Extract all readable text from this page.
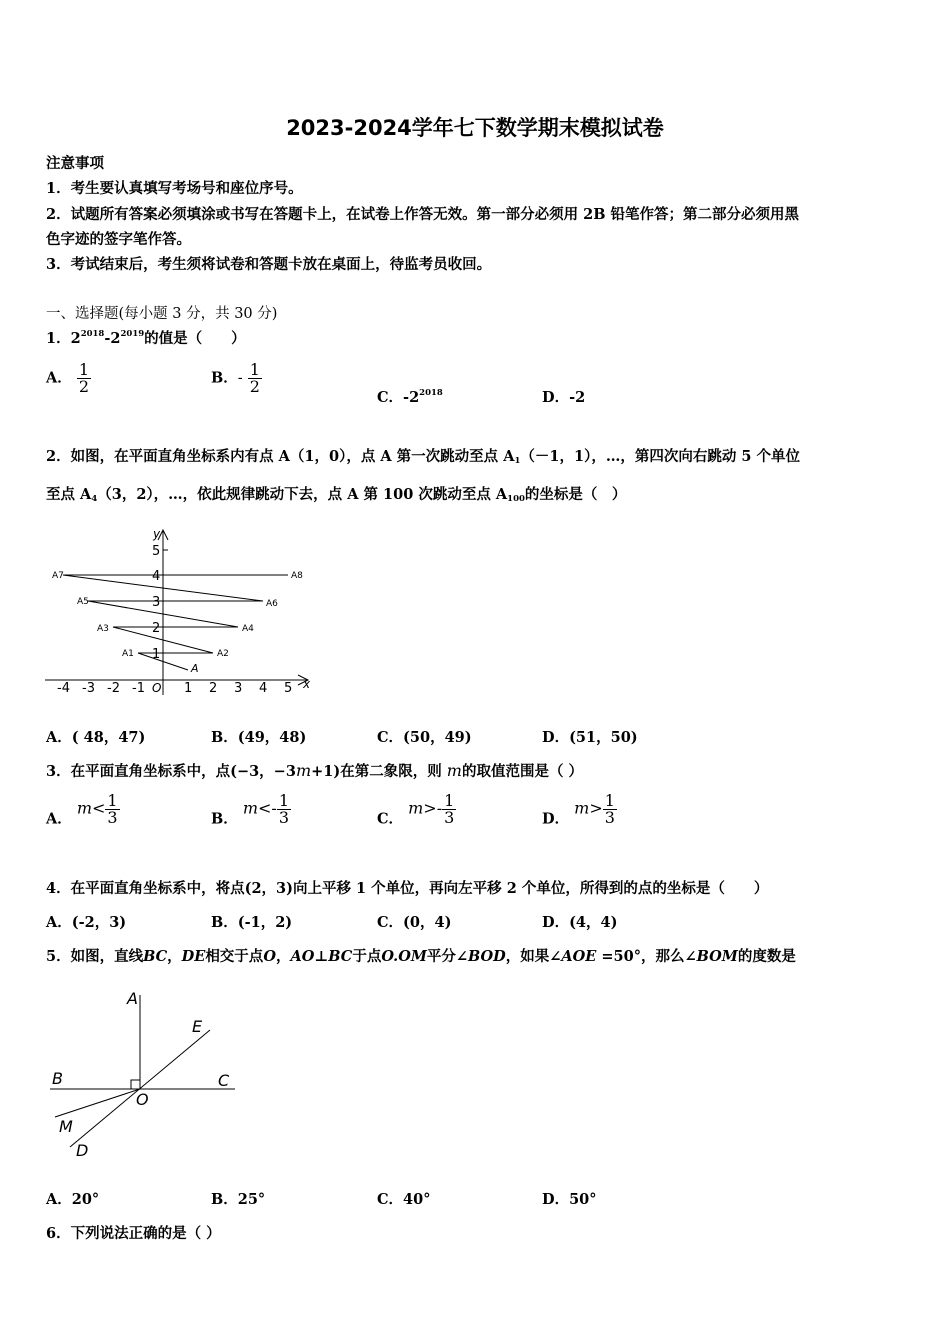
2023-2024学年七下数学期末模拟试卷
注意事项
1．考生要认真填写考场号和座位序号。
2．试题所有答案必须填涂或书写在答题卡上，在试卷上作答无效。第一部分必须用 2B 铅笔作答；第二部分必须用黑
色字迹的签字笔作答。
3．考试结束后，考生须将试卷和答题卡放在桌面上，待监考员收回。
一、选择题(每小题 3 分，共 30 分)
1．$2^{2018}-2^{2019}$的值是（　　）
A． $\frac{1}{2}$	B．- $\frac{1}{2}$
C．$-2^{2018}$	D．-2
2．如图，在平面直角坐标系内有点 A（1，0），点 A 第一次跳动至点 $A_1(-1$，1），…，第四次向右跳动 5 个单位
至点 $A_4(3$，2），…，依此规律跳动下去，点 A 第 100 次跳动至点 $A_{100}$的坐标是（　）
y
x
O
5
4
3
2
1
-4 -3 -2 -1	1 2 3 4 5
A
A1	A2
A3	A4
A5	A6
A7	A8
A．( 48，47)	B．(49，48)	C．(50，49)	D．(51，50)
3．在平面直角坐标系中，点(−3，−3m+1)在第二象限，则 m的取值范围是（ ）
A． $m< \frac{1}{3}$	B． $m<- \frac{1}{3}$	C． $m>- \frac{1}{3}$	D． $m> \frac{1}{3}$
4．在平面直角坐标系中，将点(2，3)向上平移 1 个单位，再向左平移 2 个单位，所得到的点的坐标是（　　）
A．(-2，3)	B．(-1，2)	C．(0，4)	D．(4，4)
5．如图，直线BC，DE相交于点O，AO⊥BC于点O.OM平分∠BOD，如果∠AOE =50°，那么∠BOM的度数是
A
E
B	C
O
M
D
A．20°	B．25°	C．40°	D．50°
6．下列说法正确的是（ ）
